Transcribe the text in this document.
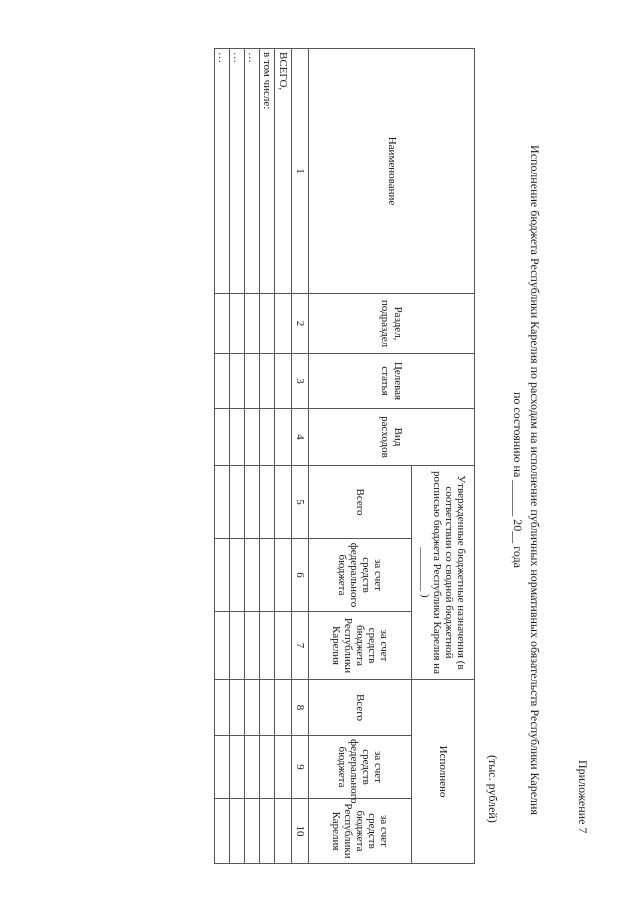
Приложение 7
Исполнение бюджета Республики Карелия по расходам на исполнение публичных нормативных обязательств Республики Карелия
по состоянию на ______ 20__ года
(тыс. рублей)
Наименование	Раздел, подраздел	Целевая статья	Вид расходов	Утвержденные бюджетные назначения (в соответствии со сводной бюджетной росписью бюджета Республики Карелия на ________ )			Исполнено		
				Всего	за счет средств федерального бюджета	за счет средств бюджета Республики Карелия	Всего	за счет средств федерального бюджета	за счет средств бюджета Республики Карелия
1	2	3	4	5	6	7	8	9	10
ВСЕГО,									
в том числе:									
…									
…									
…									
